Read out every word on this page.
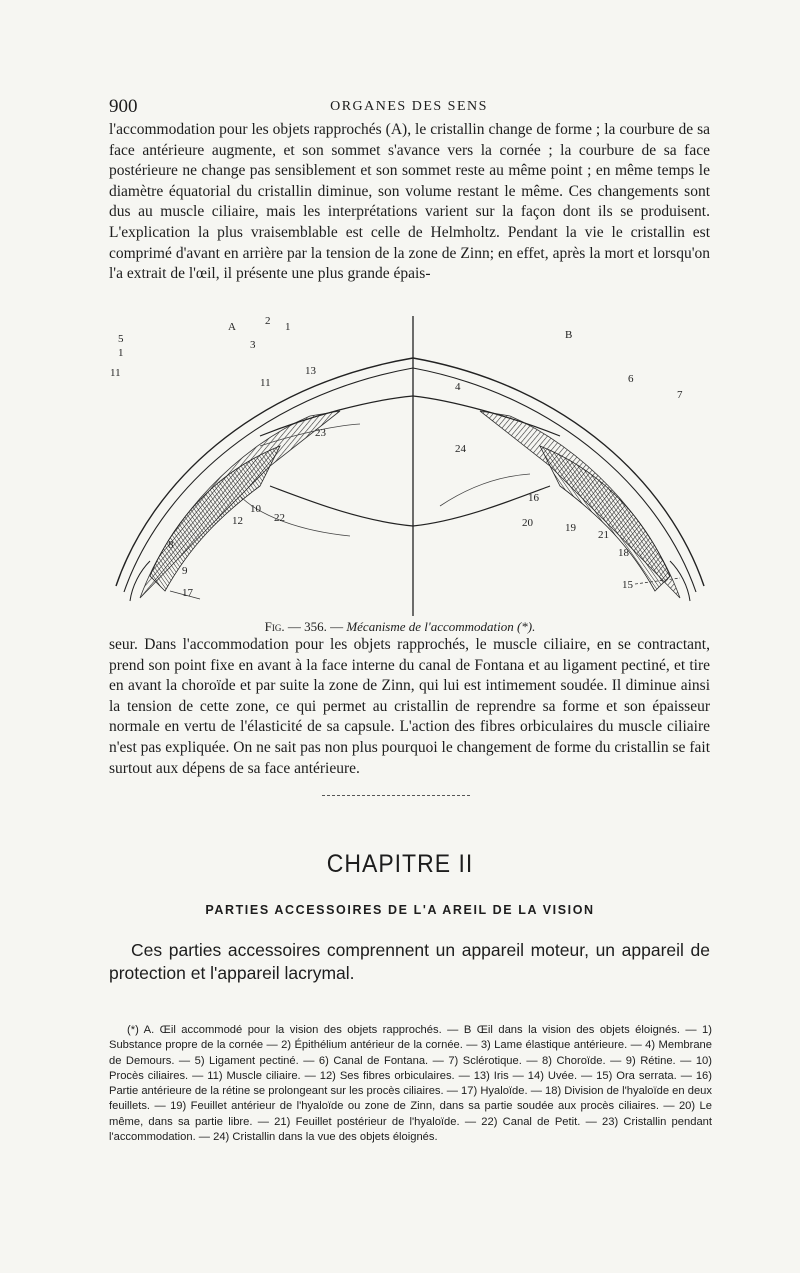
900	ORGANES DES SENS

l'accommodation pour les objets rapprochés (A), le cristallin change de forme ; la courbure de sa face antérieure augmente, et son sommet s'avance vers la cornée ; la courbure de sa face postérieure ne change pas sensiblement et son sommet reste au même point ; en même temps le diamètre équatorial du cristallin diminue, son volume restant le même. Ces changements sont dus au muscle ciliaire, mais les interprétations varient sur la façon dont ils se produisent. L'explication la plus vraisemblable est celle de Helmholtz. Pendant la vie le cristallin est comprimé d'avant en arrière par la tension de la zone de Zinn; en effet, après la mort et lorsqu'on l'a extrait de l'œil, il présente une plus grande épais-

A
B
5
1
2 1
3
13
11
11
23
12
10
22
8
9
17
4
6
7
24
20
16
19
21
18
15
Fig. — 356. — Mécanisme de l'accommodation (*).

seur. Dans l'accommodation pour les objets rapprochés, le muscle ciliaire, en se contractant, prend son point fixe en avant à la face interne du canal de Fontana et au ligament pectiné, et tire en avant la choroïde et par suite la zone de Zinn, qui lui est intimement soudée. Il diminue ainsi la tension de cette zone, ce qui permet au cristallin de reprendre sa forme et son épaisseur normale en vertu de l'élasticité de sa capsule. L'action des fibres orbiculaires du muscle ciliaire n'est pas expliquée. On ne sait pas non plus pourquoi le changement de forme du cristallin se fait surtout aux dépens de sa face antérieure.

CHAPITRE II
PARTIES ACCESSOIRES DE L'A AREIL DE LA VISION

Ces parties accessoires comprennent un appareil moteur, un appareil de protection et l'appareil lacrymal.

(*) A. Œil accommodé pour la vision des objets rapprochés. — B Œil dans la vision des objets éloignés. — 1) Substance propre de la cornée — 2) Épithélium antérieur de la cornée. — 3) Lame élastique antérieure. — 4) Membrane de Demours. — 5) Ligament pectiné. — 6) Canal de Fontana. — 7) Sclérotique. — 8) Choroïde. — 9) Rétine. — 10) Procès ciliaires. — 11) Muscle ciliaire. — 12) Ses fibres orbiculaires. — 13) Iris — 14) Uvée. — 15) Ora serrata. — 16) Partie antérieure de la rétine se prolongeant sur les procès ciliaires. — 17) Hyaloïde. — 18) Division de l'hyaloïde en deux feuillets. — 19) Feuillet antérieur de l'hyaloïde ou zone de Zinn, dans sa partie soudée aux procès ciliaires. — 20) Le même, dans sa partie libre. — 21) Feuillet postérieur de l'hyaloïde. — 22) Canal de Petit. — 23) Cristallin pendant l'accommodation. — 24) Cristallin dans la vue des objets éloignés.
